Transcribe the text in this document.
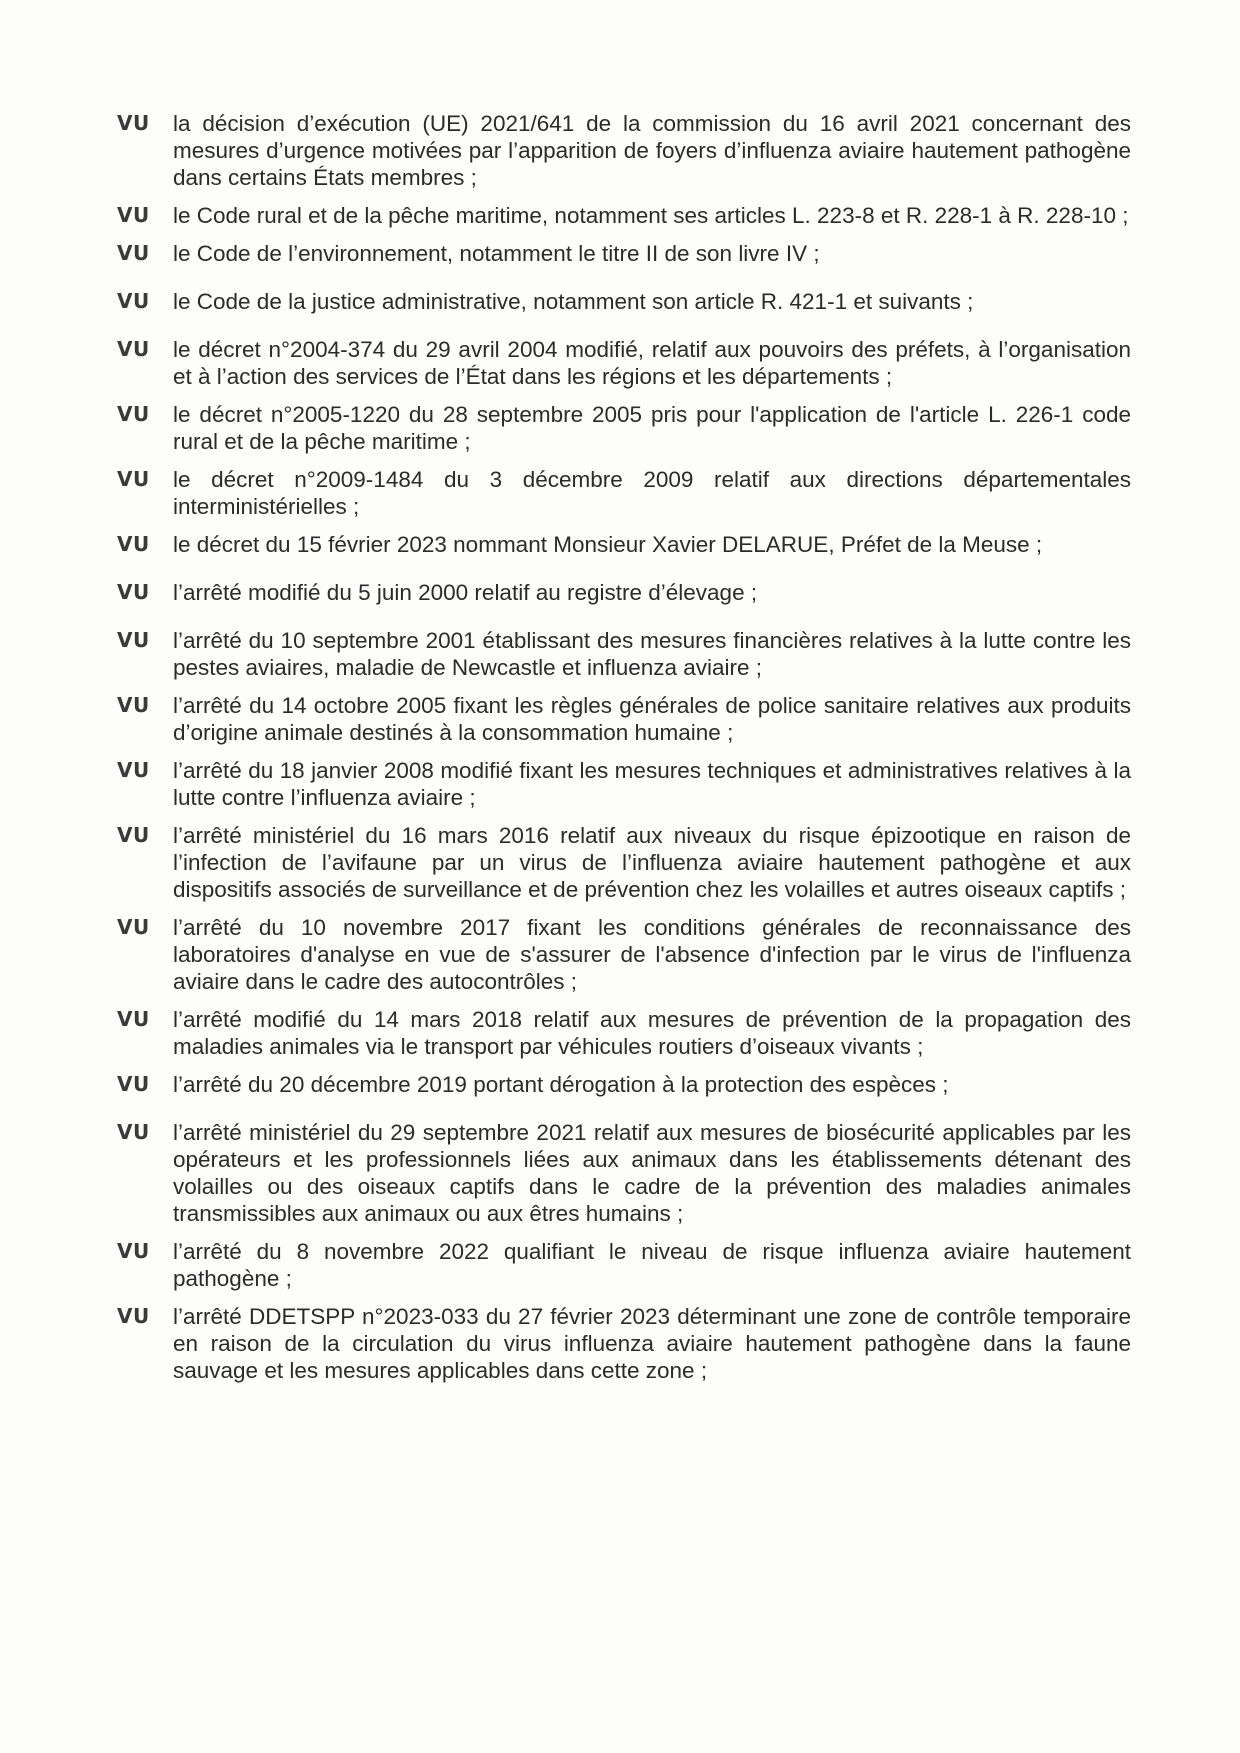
VU	la décision d’exécution (UE) 2021/641 de la commission du 16 avril 2021 concernant des mesures d’urgence motivées par l’apparition de foyers d’influenza aviaire hautement pathogène dans certains États membres ;
VU	le Code rural et de la pêche maritime, notamment ses articles L. 223-8 et R. 228-1 à R. 228-10 ;
VU	le Code de l’environnement, notamment le titre II de son livre IV ;
VU	le Code de la justice administrative, notamment son article R. 421-1 et suivants ;
VU	le décret n°2004-374 du 29 avril 2004 modifié, relatif aux pouvoirs des préfets, à l’organisation et à l’action des services de l’État dans les régions et les départements ;
VU	le décret n°2005-1220 du 28 septembre 2005 pris pour l'application de l'article L. 226-1 code rural et de la pêche maritime ;
VU	le décret n°2009-1484 du 3 décembre 2009 relatif aux directions départementales interministérielles ;
VU	le décret du 15 février 2023 nommant Monsieur Xavier DELARUE, Préfet de la Meuse ;
VU	l’arrêté modifié du 5 juin 2000 relatif au registre d’élevage ;
VU	l’arrêté du 10 septembre 2001 établissant des mesures financières relatives à la lutte contre les pestes aviaires, maladie de Newcastle et influenza aviaire ;
VU	l’arrêté du 14 octobre 2005 fixant les règles générales de police sanitaire relatives aux produits d’origine animale destinés à la consommation humaine ;
VU	l’arrêté du 18 janvier 2008 modifié fixant les mesures techniques et administratives relatives à la lutte contre l’influenza aviaire ;
VU	l’arrêté ministériel du 16 mars 2016 relatif aux niveaux du risque épizootique en raison de l’infection de l’avifaune par un virus de l’influenza aviaire hautement pathogène et aux dispositifs associés de surveillance et de prévention chez les volailles et autres oiseaux captifs ;
VU	l’arrêté du 10 novembre 2017 fixant les conditions générales de reconnaissance des laboratoires d'analyse en vue de s'assurer de l'absence d'infection par le virus de l'influenza aviaire dans le cadre des autocontrôles ;
VU	l’arrêté modifié du 14 mars 2018 relatif aux mesures de prévention de la propagation des maladies animales via le transport par véhicules routiers d’oiseaux vivants ;
VU	l’arrêté du 20 décembre 2019 portant dérogation à la protection des espèces ;
VU	l’arrêté ministériel du 29 septembre 2021 relatif aux mesures de biosécurité applicables par les opérateurs et les professionnels liées aux animaux dans les établissements détenant des volailles ou des oiseaux captifs dans le cadre de la prévention des maladies animales transmissibles aux animaux ou aux êtres humains ;
VU	l’arrêté du 8 novembre 2022 qualifiant le niveau de risque influenza aviaire hautement pathogène ;
VU	l’arrêté DDETSPP n°2023-033 du 27 février 2023 déterminant une zone de contrôle temporaire en raison de la circulation du virus influenza aviaire hautement pathogène dans la faune sauvage et les mesures applicables dans cette zone ;
